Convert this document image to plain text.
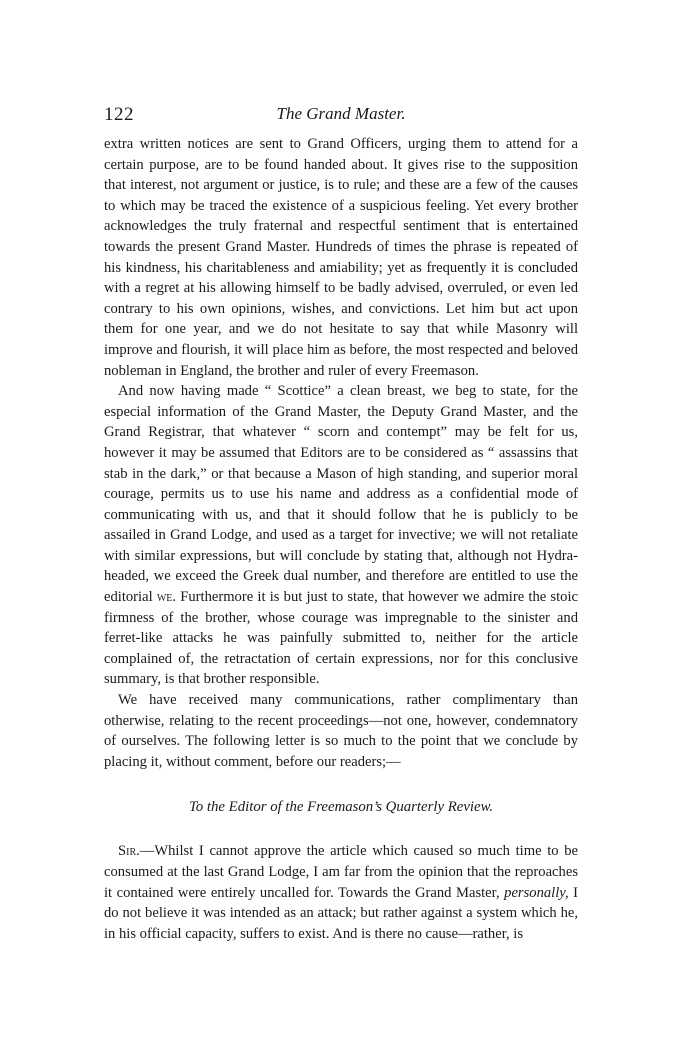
122	The Grand Master.

extra written notices are sent to Grand Officers, urging them to attend for a certain purpose, are to be found handed about. It gives rise to the supposition that interest, not argument or justice, is to rule; and these are a few of the causes to which may be traced the existence of a suspicious feeling. Yet every brother acknowledges the truly fraternal and respectful sentiment that is entertained towards the present Grand Master. Hundreds of times the phrase is repeated of his kindness, his charitableness and amiability; yet as frequently it is concluded with a regret at his allowing himself to be badly advised, overruled, or even led contrary to his own opinions, wishes, and convictions. Let him but act upon them for one year, and we do not hesitate to say that while Masonry will improve and flourish, it will place him as before, the most respected and beloved nobleman in England, the brother and ruler of every Freemason.

And now having made “ Scottice” a clean breast, we beg to state, for the especial information of the Grand Master, the Deputy Grand Master, and the Grand Registrar, that whatever “ scorn and contempt” may be felt for us, however it may be assumed that Editors are to be considered as “ assassins that stab in the dark,” or that because a Mason of high standing, and superior moral courage, permits us to use his name and address as a confidential mode of communicating with us, and that it should follow that he is publicly to be assailed in Grand Lodge, and used as a target for invective; we will not retaliate with similar expressions, but will conclude by stating that, although not Hydra-headed, we exceed the Greek dual number, and therefore are entitled to use the editorial we. Furthermore it is but just to state, that however we admire the stoic firmness of the brother, whose courage was impregnable to the sinister and ferret-like attacks he was painfully submitted to, neither for the article complained of, the retractation of certain expressions, nor for this conclusive summary, is that brother responsible.

We have received many communications, rather complimentary than otherwise, relating to the recent proceedings—not one, however, condemnatory of ourselves. The following letter is so much to the point that we conclude by placing it, without comment, before our readers;—

To the Editor of the Freemason’s Quarterly Review.

Sir.—Whilst I cannot approve the article which caused so much time to be consumed at the last Grand Lodge, I am far from the opinion that the reproaches it contained were entirely uncalled for. Towards the Grand Master, personally, I do not believe it was intended as an attack; but rather against a system which he, in his official capacity, suffers to exist. And is there no cause—rather, is
